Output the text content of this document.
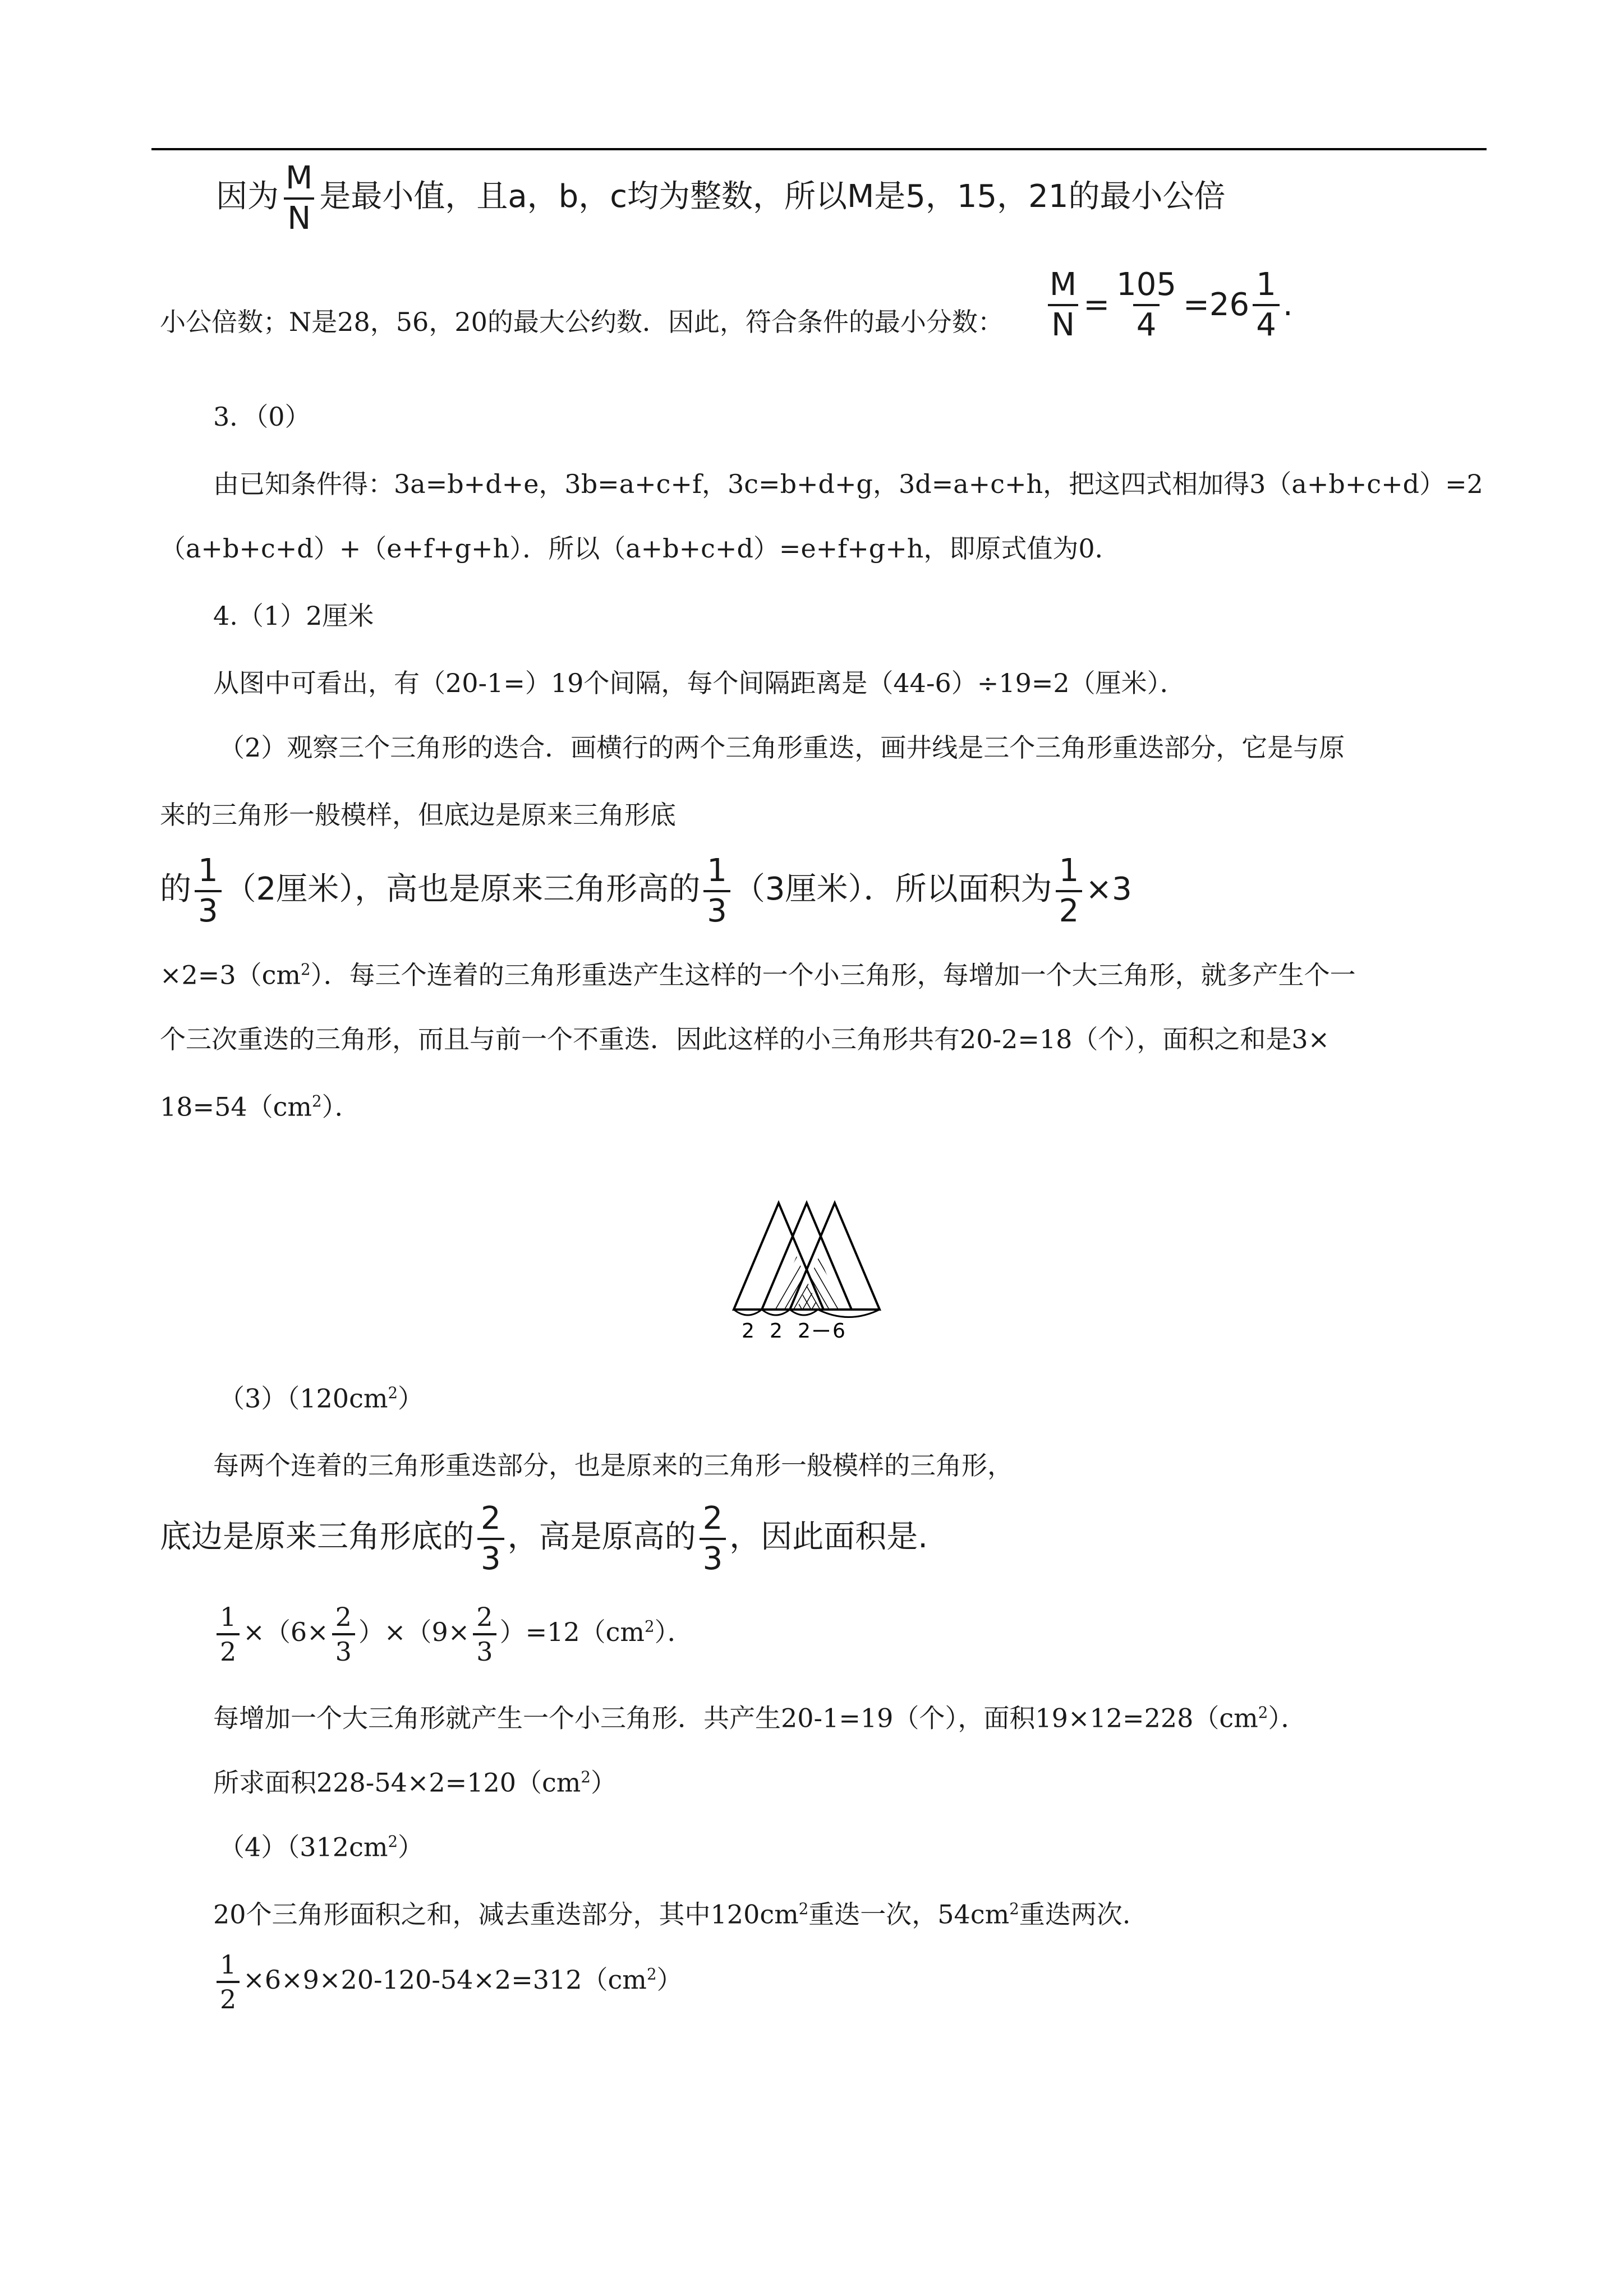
因为 $\frac{M}{N}$ 是最小值，且a，b，c均为整数，所以M是5，15，21的最小公倍
小公倍数；N是28，56，20的最大公约数．因此，符合条件的最小分数： $\frac{M}{N} = \frac{105}{4} = 26 \frac{1}{4}$ .
3．（0）
由已知条件得：3a=b+d+e，3b=a+c+f，3c=b+d+g，3d=a+c+h，把这四式相加得3（a+b+c+d）=2
（a+b+c+d）+（e+f+g+h）．所以（a+b+c+d）=e+f+g+h，即原式值为0．
4.（1）2厘米
从图中可看出，有（20-1=）19个间隔，每个间隔距离是（44-6）÷19=2（厘米）．
（2）观察三个三角形的迭合．画横行的两个三角形重迭，画井线是三个三角形重迭部分，它是与原
来的三角形一般模样，但底边是原来三角形底
的 $\frac{1}{3} (2$厘米），高也是原来三角形高的 $\frac{1}{3} (3$厘米）．所以面积为 $\frac{1}{2} \times 3$
$\times 2=3(cm^2)$．每三个连着的三角形重迭产生这样的一个小三角形，每增加一个大三角形，就多产生个一
个三次重迭的三角形，而且与前一个不重迭．因此这样的小三角形共有20-2=18（个），面积之和是3×
$18=54(cm^2)$．
2 2 2 6
$(3)(120cm^2)$
每两个连着的三角形重迭部分，也是原来的三角形一般模样的三角形，
底边是原来三角形底的 $\frac{2}{3}$ ，高是原高的 $\frac{2}{3}$ ，因此面积是.
$\frac{1}{2} \times(6\times \frac{2}{3} )\times(9\times \frac{2}{3} )=12(cm^2)$．
每增加一个大三角形就产生一个小三角形．共产生20-1=19（个），面积$19\times 12=228(cm^2)$．
所求面积$228-54\times 2=120(cm^2)$
$(4)(312cm^2)$
20个三角形面积之和，减去重迭部分，其中$120cm^2$重迭一次，$54cm^2$重迭两次.
$\frac{1}{2} \times 6\times 9\times 20-120-54\times 2=312(cm^2)$
